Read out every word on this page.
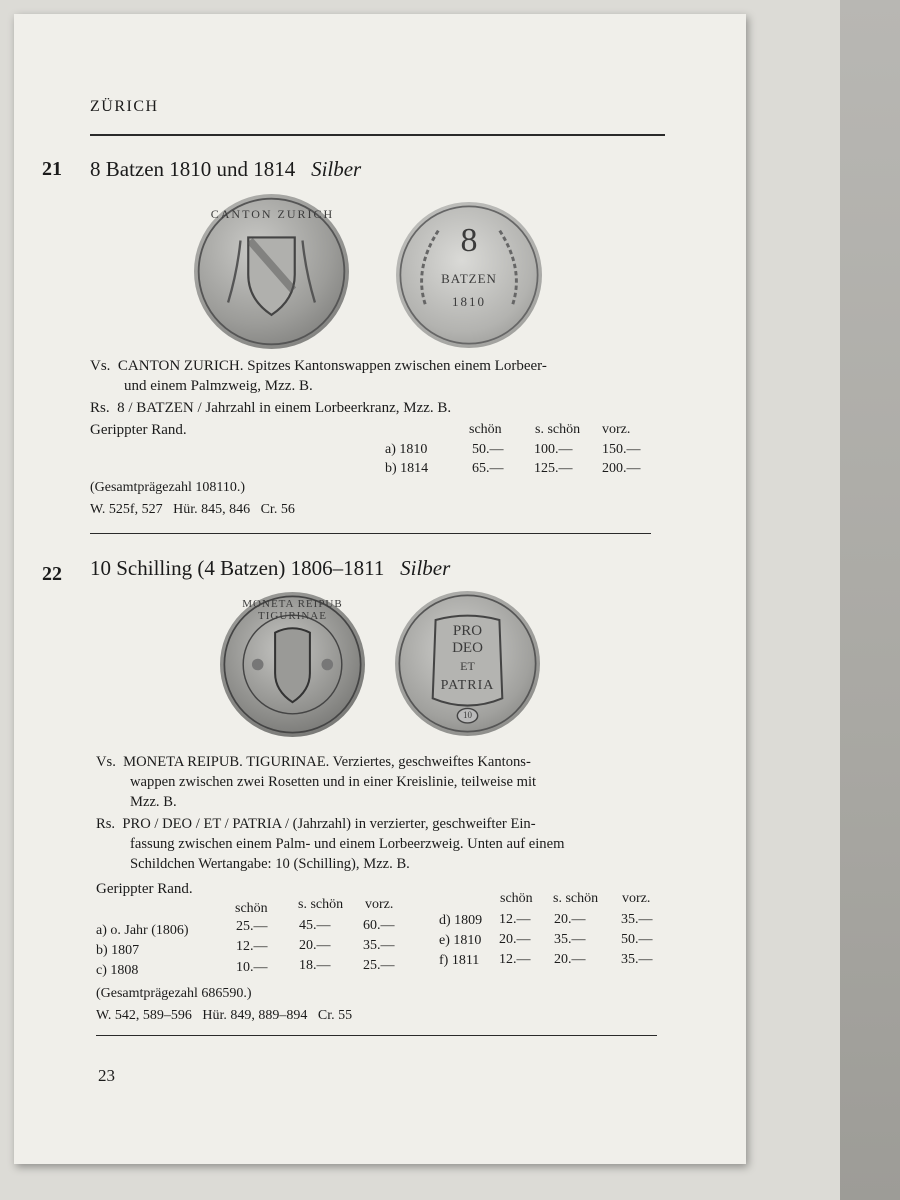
ZÜRICH
21 8 Batzen 1810 und 1814 Silber
CANTON ZURICH
8
BATZEN
1810
Vs. CANTON ZURICH. Spitzes Kantonswappen zwischen einem Lorbeer-
und einem Palmzweig, Mzz. B.
Rs. 8 / BATZEN / Jahrzahl in einem Lorbeerkranz, Mzz. B.
Gerippter Rand.	schön s. schön vorz.
a) 1810	50.— 100.— 150.—
b) 1814	65.— 125.— 200.—
(Gesamtprägezahl 108110.)
W. 525f, 527   Hür. 845, 846   Cr. 56
22 10 Schilling (4 Batzen) 1806–1811 Silber
MONETA REIPUB TIGURINAE
PRO
DEO
ET
PATRIA
10
Vs. MONETA REIPUB. TIGURINAE. Verziertes, geschweiftes Kantons-
wappen zwischen zwei Rosetten und in einer Kreislinie, teilweise mit
Mzz. B.
Rs. PRO / DEO / ET / PATRIA / (Jahrzahl) in verzierter, geschweifter Ein-
fassung zwischen einem Palm- und einem Lorbeerzweig. Unten auf einem
Schildchen Wertangabe: 10 (Schilling), Mzz. B.
Gerippter Rand.
schön s. schön vorz.
a) o. Jahr (1806)	25.— 45.— 60.—
b) 1807	12.— 20.— 35.—
c) 1808	10.— 18.— 25.—
schön s. schön vorz.
d) 1809 12.— 20.—	35.—
e) 1810 20.— 35.—	50.—
f) 1811 12.— 20.—	35.—
(Gesamtprägezahl 686590.)
W. 542, 589–596   Hür. 849, 889–894   Cr. 55
23
